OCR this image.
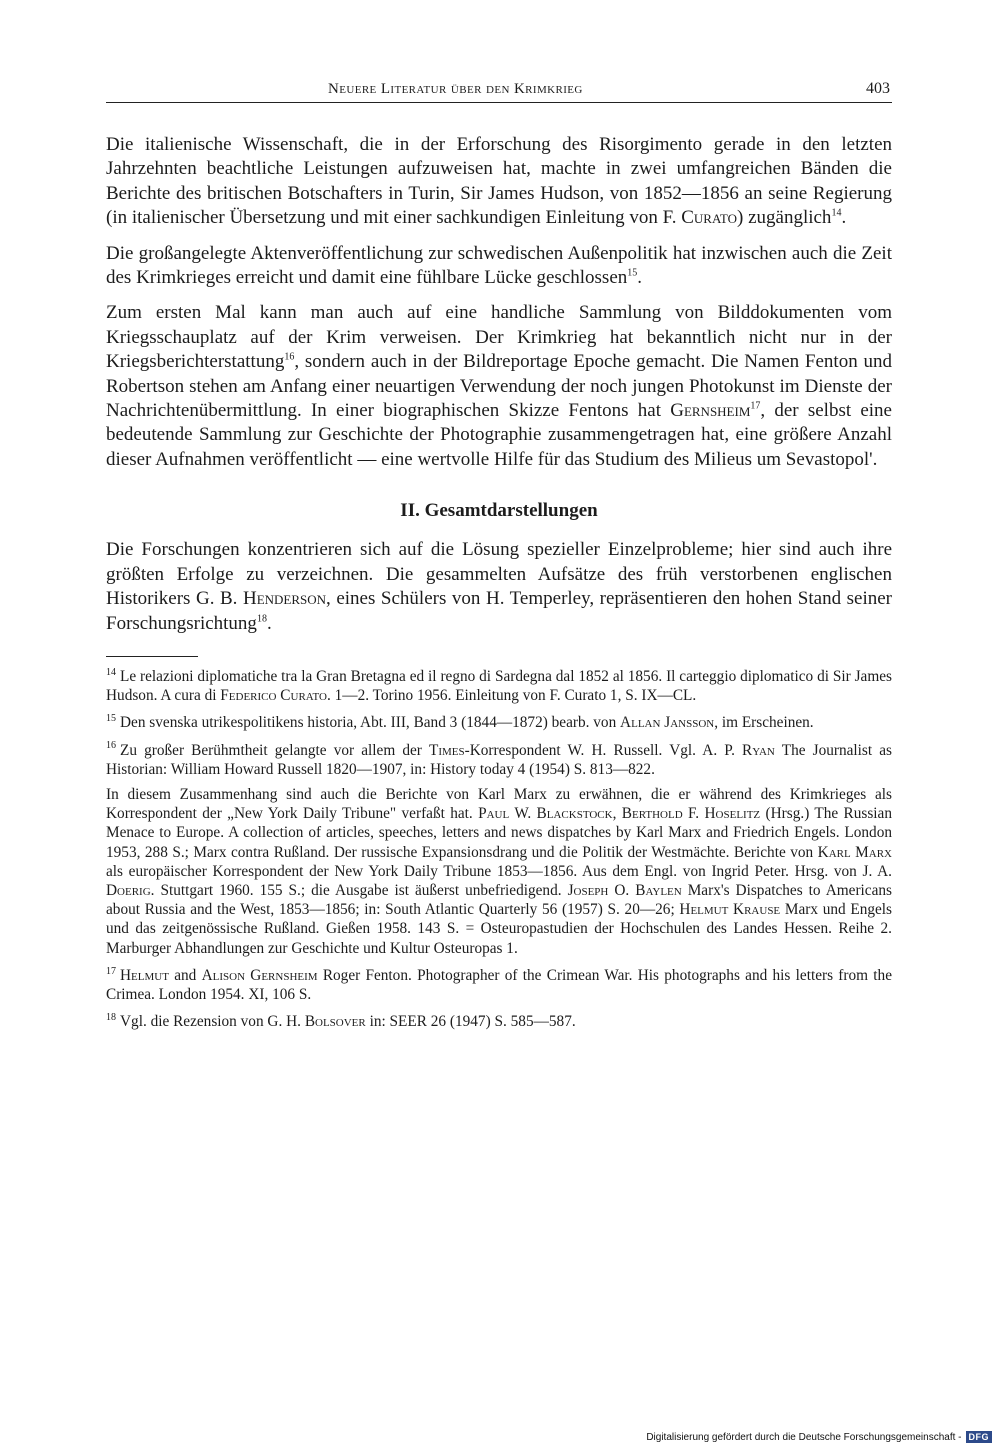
Neuere Literatur über den Krimkrieg	403

Die italienische Wissenschaft, die in der Erforschung des Risorgimento gerade in den letzten Jahrzehnten beachtliche Leistungen aufzuweisen hat, machte in zwei umfangreichen Bänden die Berichte des britischen Botschafters in Turin, Sir James Hudson, von 1852—1856 an seine Regierung (in italienischer Übersetzung und mit einer sachkundigen Einleitung von F. Curato) zugänglich$^{14}$.

Die großangelegte Aktenveröffentlichung zur schwedischen Außenpolitik hat inzwischen auch die Zeit des Krimkrieges erreicht und damit eine fühlbare Lücke geschlossen$^{15}$.

Zum ersten Mal kann man auch auf eine handliche Sammlung von Bilddokumenten vom Kriegsschauplatz auf der Krim verweisen. Der Krimkrieg hat bekanntlich nicht nur in der Kriegsberichterstattung$^{16}$, sondern auch in der Bildreportage Epoche gemacht. Die Namen Fenton und Robertson stehen am Anfang einer neuartigen Verwendung der noch jungen Photokunst im Dienste der Nachrichtenübermittlung. In einer biographischen Skizze Fentons hat Gernsheim$^{17}$, der selbst eine bedeutende Sammlung zur Geschichte der Photographie zusammengetragen hat, eine größere Anzahl dieser Aufnahmen veröffentlicht — eine wertvolle Hilfe für das Studium des Milieus um Sevastopol'.

II. Gesamtdarstellungen

Die Forschungen konzentrieren sich auf die Lösung spezieller Einzelprobleme; hier sind auch ihre größten Erfolge zu verzeichnen. Die gesammelten Aufsätze des früh verstorbenen englischen Historikers G. B. Henderson, eines Schülers von H. Temperley, repräsentieren den hohen Stand seiner Forschungsrichtung$^{18}$.

$^{14}$ Le relazioni diplomatiche tra la Gran Bretagna ed il regno di Sardegna dal 1852 al 1856. Il carteggio diplomatico di Sir James Hudson. A cura di Federico Curato. 1—2. Torino 1956. Einleitung von F. Curato 1, S. IX—CL.

$^{15}$ Den svenska utrikespolitikens historia, Abt. III, Band 3 (1844—1872) bearb. von Allan Jansson, im Erscheinen.

$^{16}$ Zu großer Berühmtheit gelangte vor allem der Times-Korrespondent W. H. Russell. Vgl. A. P. Ryan The Journalist as Historian: William Howard Russell 1820—1907, in: History today 4 (1954) S. 813—822.

In diesem Zusammenhang sind auch die Berichte von Karl Marx zu erwähnen, die er während des Krimkrieges als Korrespondent der „New York Daily Tribune" verfaßt hat. Paul W. Blackstock, Berthold F. Hoselitz (Hrsg.) The Russian Menace to Europe. A collection of articles, speeches, letters and news dispatches by Karl Marx and Friedrich Engels. London 1953, 288 S.; Marx contra Rußland. Der russische Expansionsdrang und die Politik der Westmächte. Berichte von Karl Marx als europäischer Korrespondent der New York Daily Tribune 1853—1856. Aus dem Engl. von Ingrid Peter. Hrsg. von J. A. Doerig. Stuttgart 1960. 155 S.; die Ausgabe ist äußerst unbefriedigend. Joseph O. Baylen Marx's Dispatches to Americans about Russia and the West, 1853—1856; in: South Atlantic Quarterly 56 (1957) S. 20—26; Helmut Krause Marx und Engels und das zeitgenössische Rußland. Gießen 1958. 143 S. = Osteuropastudien der Hochschulen des Landes Hessen. Reihe 2. Marburger Abhandlungen zur Geschichte und Kultur Osteuropas 1.

$^{17}$ Helmut and Alison Gernsheim Roger Fenton. Photographer of the Crimean War. His photographs and his letters from the Crimea. London 1954. XI, 106 S.

$^{18}$ Vgl. die Rezension von G. H. Bolsover in: SEER 26 (1947) S. 585—587.

Digitalisierung gefördert durch die Deutsche Forschungsgemeinschaft - DFG
